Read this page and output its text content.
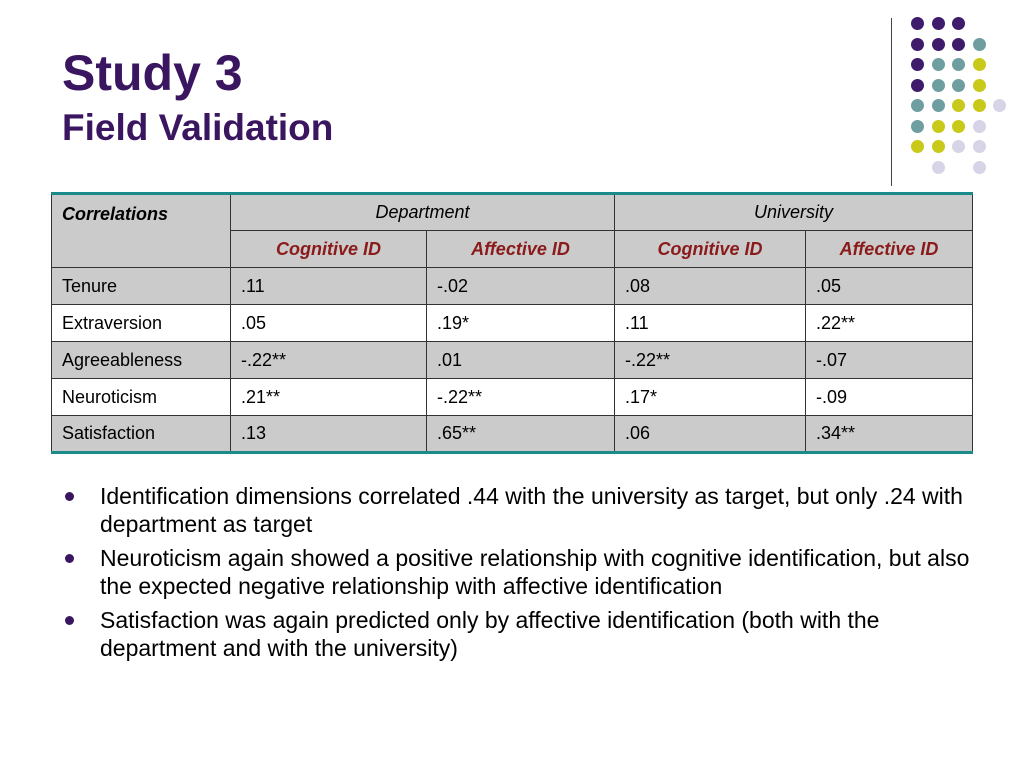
Study 3
Field Validation
Correlations	Department		University	
	Cognitive ID	Affective ID	Cognitive ID	Affective ID
Tenure	.11	-.02	.08	.05
Extraversion	.05	.19*	.11	.22**
Agreeableness	-.22**	.01	-.22**	-.07
Neuroticism	.21**	-.22**	.17*	-.09
Satisfaction	.13	.65**	.06	.34**
Identification dimensions correlated .44 with the university as target, but only .24 with department as target
Neuroticism again showed a positive relationship with cognitive identification, but also the expected negative relationship with affective identification
Satisfaction was again predicted only by affective identification (both with the department and with the university)
